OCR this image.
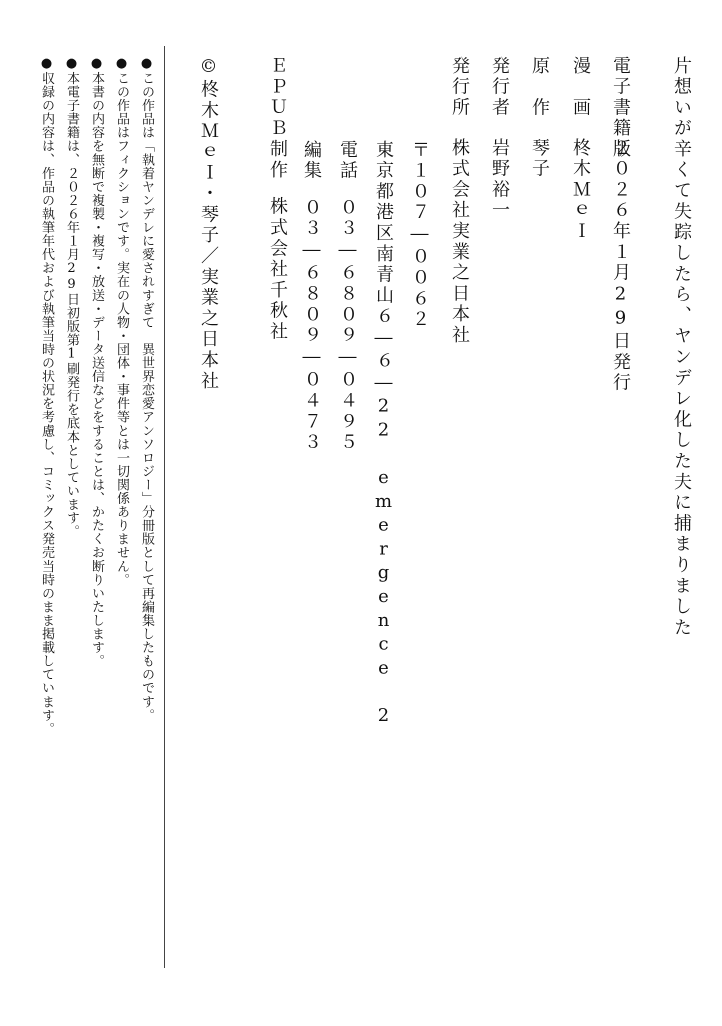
片想いが辛くて失踪したら、ヤンデレ化した夫に捕まりました
電子書籍版２０２６年１月29日発行
漫　画柊木ＭｅＩ
原　作琴子
発行者岩野裕一
発行所株式会社実業之日本社
〒１０７―００６２
東京都港区南青山６―６―22 emergence 2
電話０３―６８０９―０４９５
編集０３―６８０９―０４７３
ＥＰＵＢ制作株式会社千秋社
©柊木ＭｅＩ・琴子／実業之日本社
●この作品は「執着ヤンデレに愛されすぎて　異世界恋愛アンソロジー」分冊版として再編集したものです。
●この作品はフィクションです。実在の人物・団体・事件等とは一切関係ありません。
●本書の内容を無断で複製・複写・放送・データ送信などをすることは、かたくお断りいたします。
●本電子書籍は、２０２６年１月29日初版第1刷発行を底本としています。
●収録の内容は、作品の執筆年代および執筆当時の状況を考慮し、コミックス発売当時のまま掲載しています。
